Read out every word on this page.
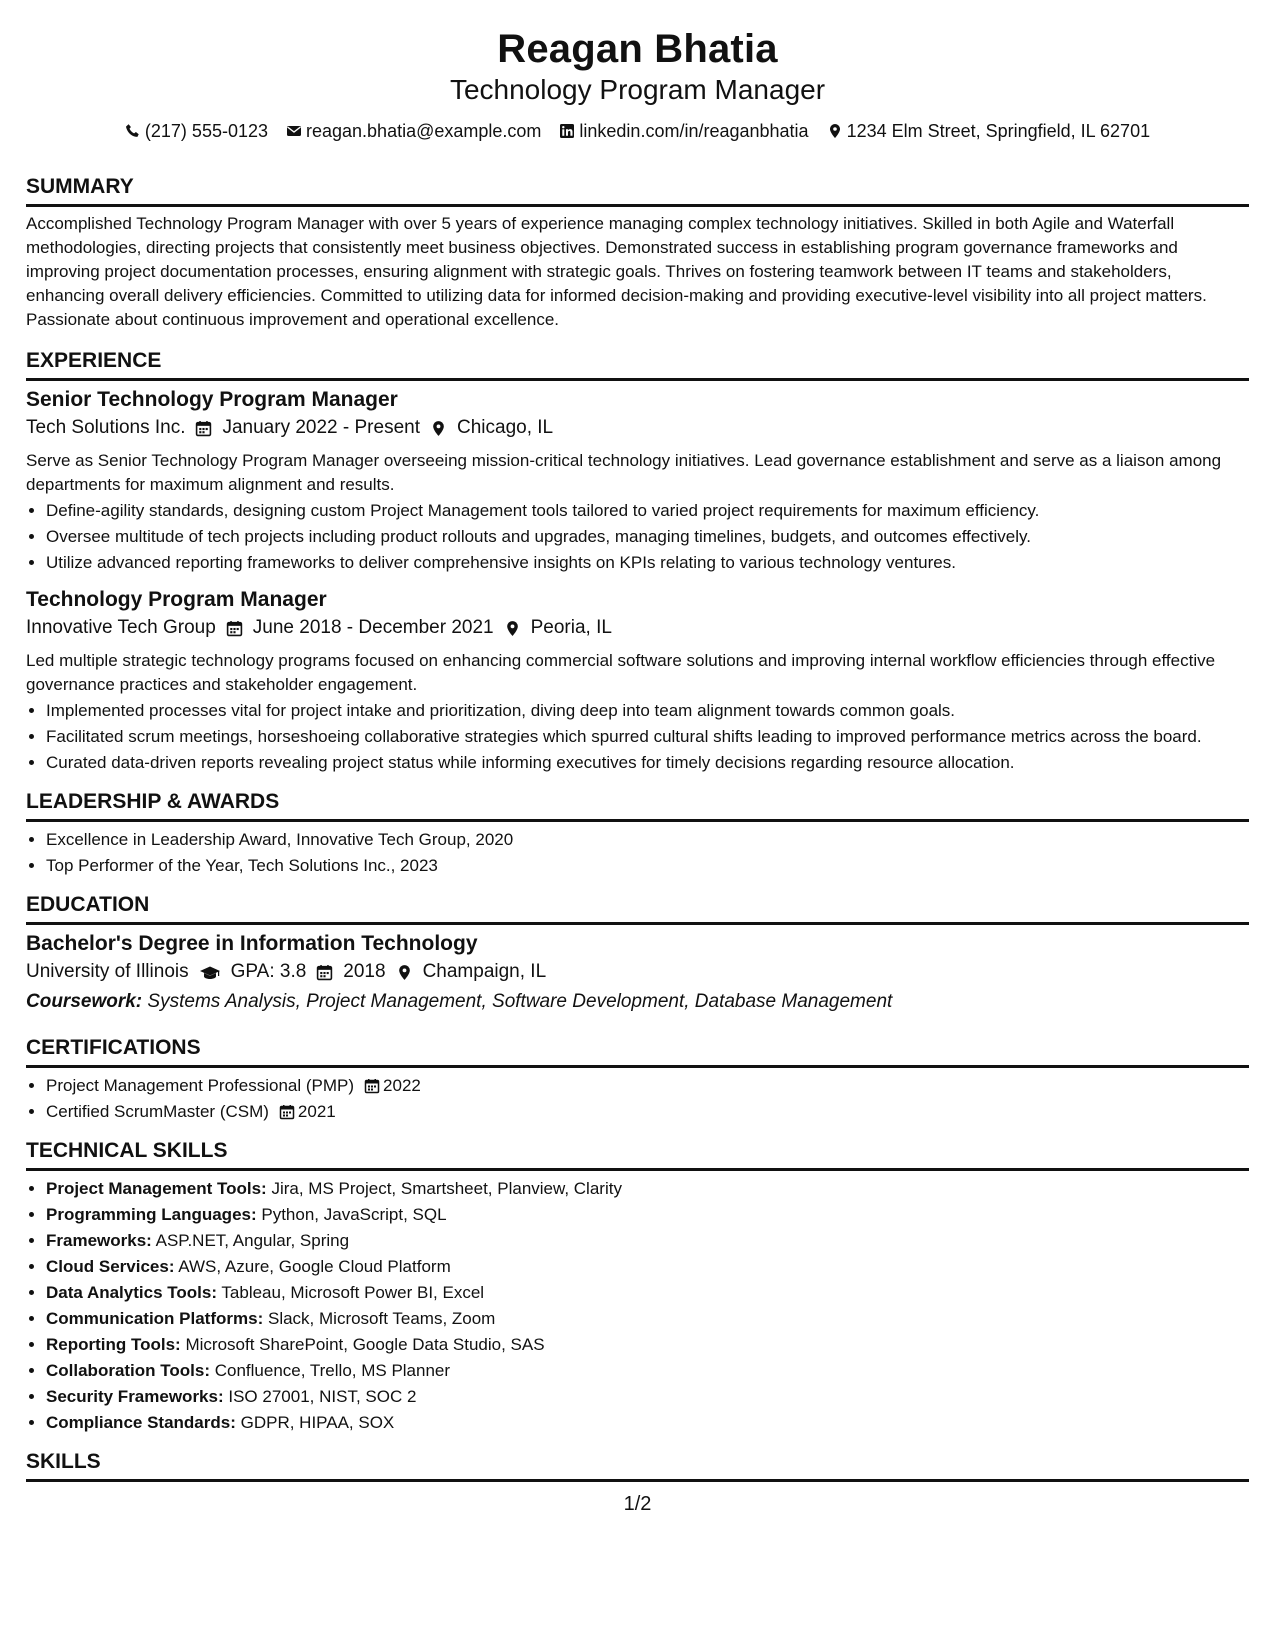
Reagan Bhatia
Technology Program Manager
(217) 555-0123 reagan.bhatia@example.com linkedin.com/in/reaganbhatia 1234 Elm Street, Springfield, IL 62701
SUMMARY

Accomplished Technology Program Manager with over 5 years of experience managing complex technology initiatives. Skilled in both Agile and Waterfall methodologies, directing projects that consistently meet business objectives. Demonstrated success in establishing program governance frameworks and improving project documentation processes, ensuring alignment with strategic goals. Thrives on fostering teamwork between IT teams and stakeholders, enhancing overall delivery efficiencies. Committed to utilizing data for informed decision-making and providing executive-level visibility into all project matters. Passionate about continuous improvement and operational excellence.

EXPERIENCE
Senior Technology Program Manager
Tech Solutions Inc. January 2022 - Present Chicago, IL

Serve as Senior Technology Program Manager overseeing mission-critical technology initiatives. Lead governance establishment and serve as a liaison among departments for maximum alignment and results.

• Define-agility standards, designing custom Project Management tools tailored to varied project requirements for maximum efficiency.
• Oversee multitude of tech projects including product rollouts and upgrades, managing timelines, budgets, and outcomes effectively.
• Utilize advanced reporting frameworks to deliver comprehensive insights on KPIs relating to various technology ventures.
Technology Program Manager
Innovative Tech Group June 2018 - December 2021 Peoria, IL

Led multiple strategic technology programs focused on enhancing commercial software solutions and improving internal workflow efficiencies through effective governance practices and stakeholder engagement.

• Implemented processes vital for project intake and prioritization, diving deep into team alignment towards common goals.
• Facilitated scrum meetings, horseshoeing collaborative strategies which spurred cultural shifts leading to improved performance metrics across the board.
• Curated data-driven reports revealing project status while informing executives for timely decisions regarding resource allocation.
LEADERSHIP & AWARDS
• Excellence in Leadership Award, Innovative Tech Group, 2020
• Top Performer of the Year, Tech Solutions Inc., 2023
EDUCATION
Bachelor's Degree in Information Technology
University of Illinois GPA: 3.8 2018 Champaign, IL
Coursework: Systems Analysis, Project Management, Software Development, Database Management
CERTIFICATIONS
• Project Management Professional (PMP) 2022
• Certified ScrumMaster (CSM) 2021
TECHNICAL SKILLS
• Project Management Tools: Jira, MS Project, Smartsheet, Planview, Clarity
• Programming Languages: Python, JavaScript, SQL
• Frameworks: ASP.NET, Angular, Spring
• Cloud Services: AWS, Azure, Google Cloud Platform
• Data Analytics Tools: Tableau, Microsoft Power BI, Excel
• Communication Platforms: Slack, Microsoft Teams, Zoom
• Reporting Tools: Microsoft SharePoint, Google Data Studio, SAS
• Collaboration Tools: Confluence, Trello, MS Planner
• Security Frameworks: ISO 27001, NIST, SOC 2
• Compliance Standards: GDPR, HIPAA, SOX
SKILLS
1/2
